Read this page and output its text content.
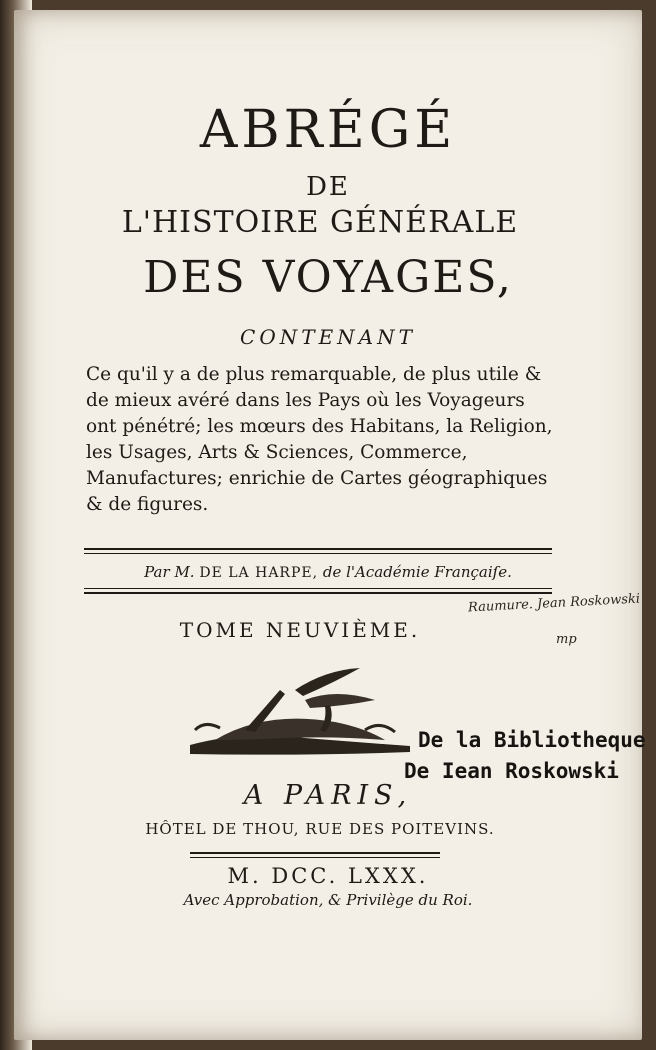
ABRÉGÉ
DE
L'HISTOIRE GÉNÉRALE
DES VOYAGES,
CONTENANT
Ce qu'il y a de plus remarquable, de plus utile &
de mieux avéré dans les Pays où les Voyageurs
ont pénétré; les mœurs des Habitans, la Religion,
les Usages, Arts & Sciences, Commerce,
Manufactures; enrichie de Cartes géographiques
& de figures.
Par M. DE LA HARPE, de l'Académie Françaiſe.
TOME NEUVIÈME.
Raumure. Jean Roskowski
mp
De la Bibliotheque
De Iean Roskowski
A PARIS,
HÔTEL DE THOU, RUE DES POITEVINS.
M. DCC. LXXX.
Avec Approbation, & Privilège du Roi.
